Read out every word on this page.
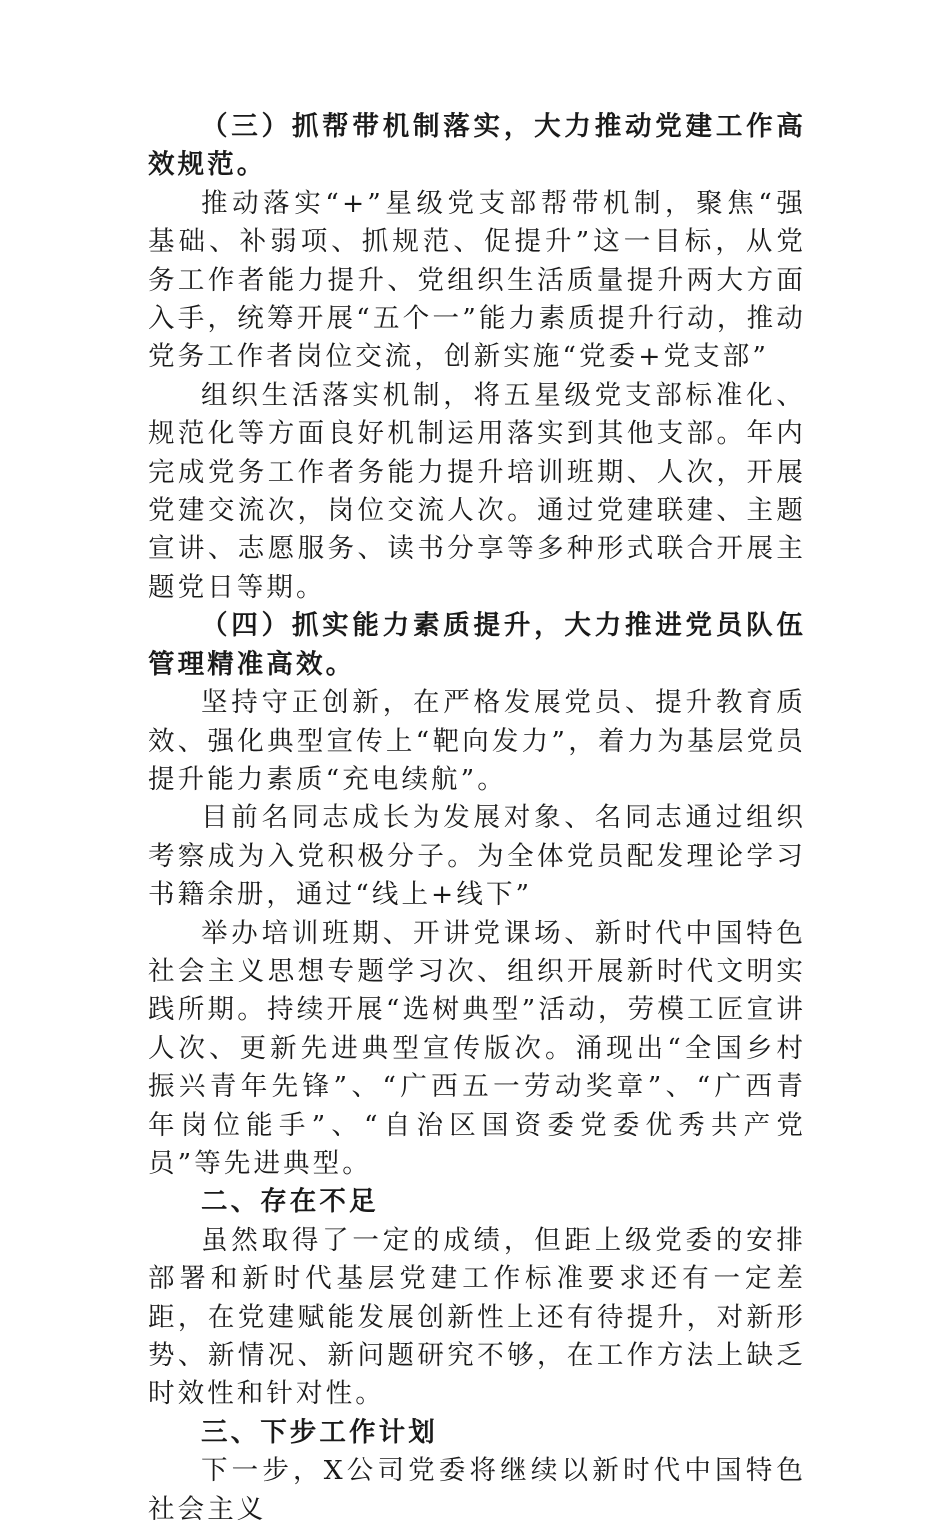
（三）抓帮带机制落实，大力推动党建工作高效规范。

推动落实“+”星级党支部帮带机制，聚焦“强基础、补弱项、抓规范、促提升”这一目标，从党务工作者能力提升、党组织生活质量提升两大方面入手，统筹开展“五个一”能力素质提升行动，推动党务工作者岗位交流，创新实施“党委+党支部”

组织生活落实机制，将五星级党支部标准化、规范化等方面良好机制运用落实到其他支部。年内完成党务工作者务能力提升培训班期、人次，开展党建交流次，岗位交流人次。通过党建联建、主题宣讲、志愿服务、读书分享等多种形式联合开展主题党日等期。

（四）抓实能力素质提升，大力推进党员队伍管理精准高效。

坚持守正创新，在严格发展党员、提升教育质效、强化典型宣传上“靶向发力”，着力为基层党员提升能力素质“充电续航”。

目前名同志成长为发展对象、名同志通过组织考察成为入党积极分子。为全体党员配发理论学习书籍余册，通过“线上+线下”

举办培训班期、开讲党课场、新时代中国特色社会主义思想专题学习次、组织开展新时代文明实践所期。持续开展“选树典型”活动，劳模工匠宣讲人次、更新先进典型宣传版次。涌现出“全国乡村振兴青年先锋”、“广西五一劳动奖章”、“广西青年岗位能手”、“自治区国资委党委优秀共产党员”等先进典型。

二、存在不足

虽然取得了一定的成绩，但距上级党委的安排部署和新时代基层党建工作标准要求还有一定差距，在党建赋能发展创新性上还有待提升，对新形势、新情况、新问题研究不够，在工作方法上缺乏时效性和针对性。

三、下步工作计划

下一步，X公司党委将继续以新时代中国特色社会主义
